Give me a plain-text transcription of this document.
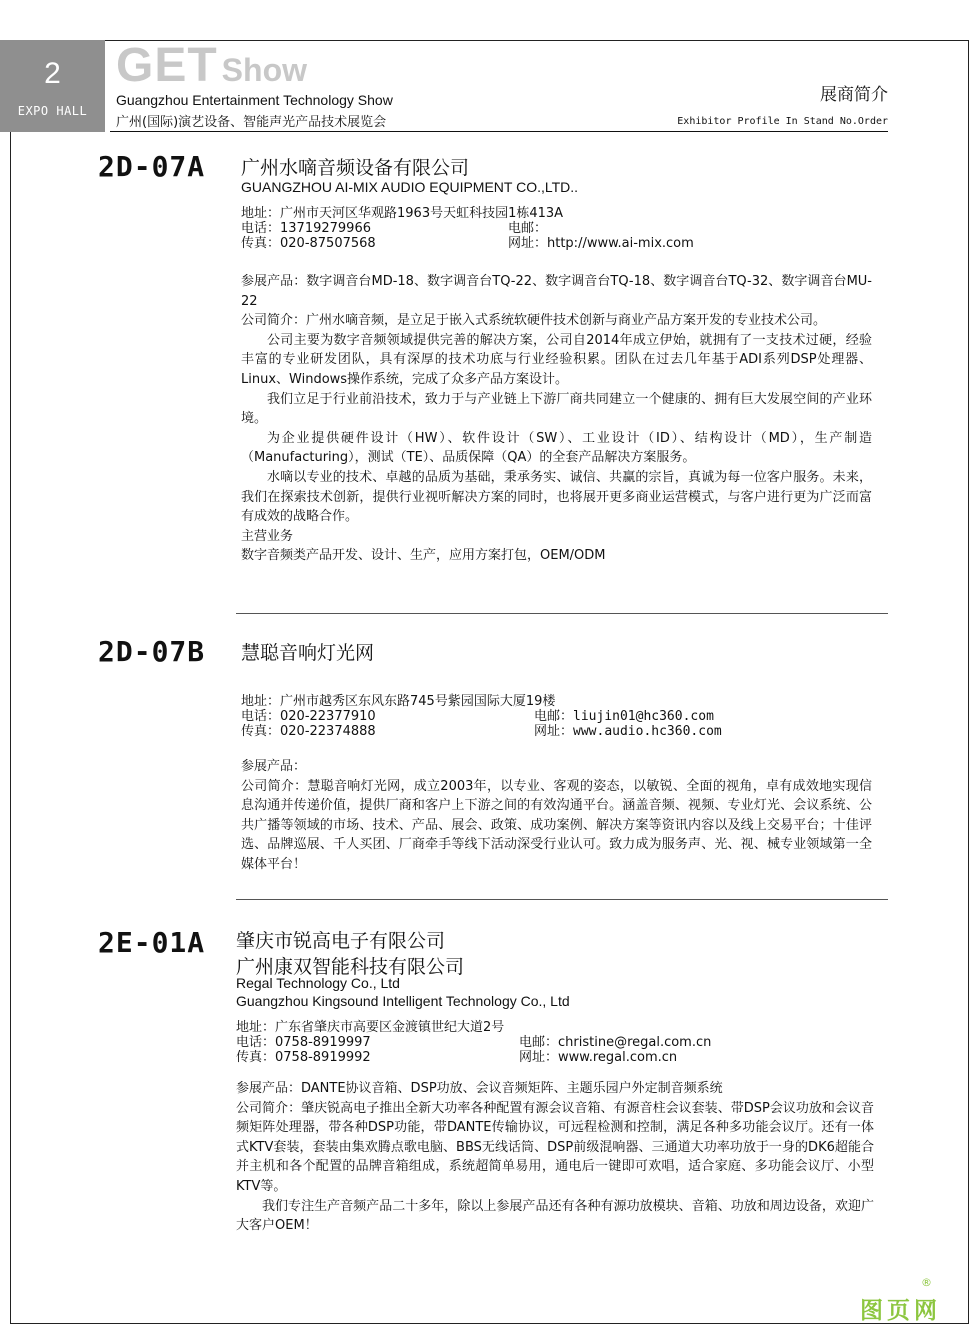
2
EXPO HALL
GET Show
Guangzhou Entertainment Technology Show
广州(国际)演艺设备、智能声光产品技术展览会
展商简介
Exhibitor Profile In Stand No.Order
2D-07A 广州水嘀音频设备有限公司
GUANGZHOU AI-MIX AUDIO EQUIPMENT CO.,LTD..
地址：广州市天河区华观路1963号天虹科技园1栋413A
电话：13719279966	电邮：
传真：020-87507568	网址：http://www.ai-mix.com

参展产品：数字调音台MD-18、数字调音台TQ-22、数字调音台TQ-18、数字调音台TQ-32、数字调音台MU-22

公司简介：广州水嘀音频，是立足于嵌入式系统软硬件技术创新与商业产品方案开发的专业技术公司。

公司主要为数字音频领域提供完善的解决方案，公司自2014年成立伊始，就拥有了一支技术过硬，经验丰富的专业研发团队，具有深厚的技术功底与行业经验积累。团队在过去几年基于ADI系列DSP处理器、Linux、Windows操作系统，完成了众多产品方案设计。

我们立足于行业前沿技术，致力于与产业链上下游厂商共同建立一个健康的、拥有巨大发展空间的产业环境。

为企业提供硬件设计（HW）、软件设计（SW）、工业设计（ID）、结构设计（MD），生产制造（Manufacturing），测试（TE）、品质保障（QA）的全套产品解决方案服务。

水嘀以专业的技术、卓越的品质为基础，秉承务实、诚信、共赢的宗旨，真诚为每一位客户服务。未来，我们在探索技术创新，提供行业视听解决方案的同时，也将展开更多商业运营模式，与客户进行更为广泛而富有成效的战略合作。

主营业务

数字音频类产品开发、设计、生产，应用方案打包，OEM/ODM

2D-07B 慧聪音响灯光网
地址：广州市越秀区东风东路745号紫园国际大厦19楼
电话：020-22377910	电邮：liujin01@hc360.com
传真：020-22374888	网址：www.audio.hc360.com

参展产品：

公司简介：慧聪音响灯光网，成立2003年，以专业、客观的姿态，以敏锐、全面的视角，卓有成效地实现信息沟通并传递价值，提供厂商和客户上下游之间的有效沟通平台。涵盖音频、视频、专业灯光、会议系统、公共广播等领域的市场、技术、产品、展会、政策、成功案例、解决方案等资讯内容以及线上交易平台；十佳评选、品牌巡展、千人买团、厂商牵手等线下活动深受行业认可。致力成为服务声、光、视、械专业领域第一全媒体平台！

2E-01A 肇庆市锐高电子有限公司
广州康双智能科技有限公司
Regal Technology Co., Ltd
Guangzhou Kingsound Intelligent Technology Co., Ltd
地址：广东省肇庆市高要区金渡镇世纪大道2号
电话：0758-8919997	电邮：christine@regal.com.cn
传真：0758-8919992	网址：www.regal.com.cn

参展产品：DANTE协议音箱、DSP功放、会议音频矩阵、主题乐园户外定制音频系统

公司简介：肇庆锐高电子推出全新大功率各种配置有源会议音箱、有源音柱会议套装、带DSP会议功放和会议音频矩阵处理器，带各种DSP功能，带DANTE传输协议，可远程检测和控制，满足各种多功能会议厅。还有一体式KTV套装，套装由集欢腾点歌电脑、BBS无线话筒、DSP前级混响器、三通道大功率功放于一身的DK6超能合并主机和各个配置的品牌音箱组成，系统超简单易用，通电后一键即可欢唱，适合家庭、多功能会议厅、小型KTV等。

我们专注生产音频产品二十多年，除以上参展产品还有各种有源功放模块、音箱、功放和周边设备，欢迎广大客户OEM！

图页网
®
